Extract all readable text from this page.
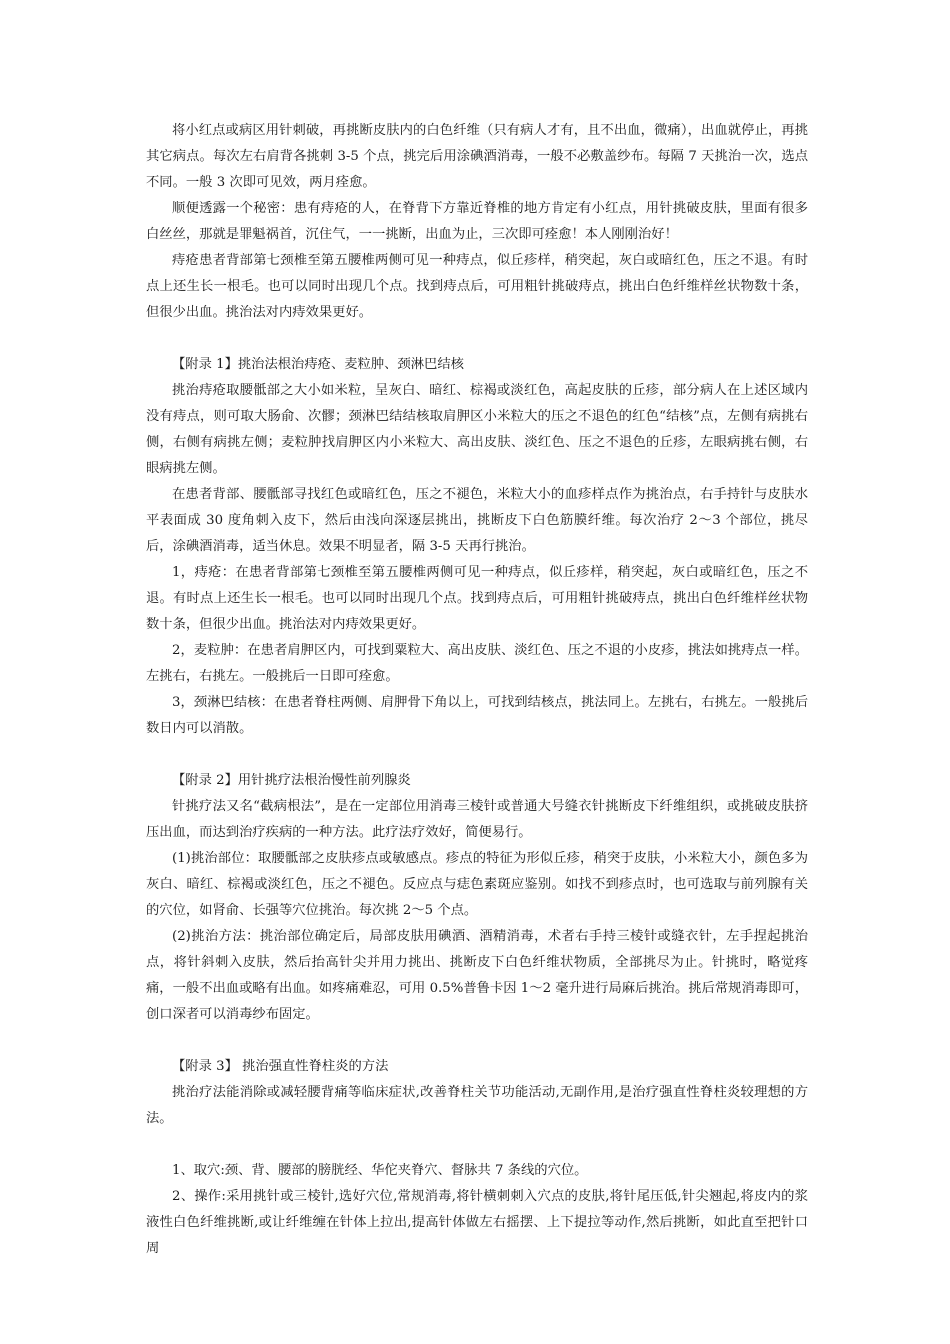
将小红点或病区用针刺破，再挑断皮肤内的白色纤维（只有病人才有，且不出血，微痛），出血就停止，再挑其它病点。每次左右肩背各挑刺 3-5 个点，挑完后用涂碘酒消毒，一般不必敷盖纱布。每隔 7 天挑治一次，选点不同。一般 3 次即可见效，两月痊愈。

顺便透露一个秘密：患有痔疮的人，在脊背下方靠近脊椎的地方肯定有小红点，用针挑破皮肤，里面有很多白丝丝，那就是罪魁祸首，沉住气，一一挑断，出血为止，三次即可痊愈！本人刚刚治好！

痔疮患者背部第七颈椎至第五腰椎两侧可见一种痔点，似丘疹样，稍突起，灰白或暗红色，压之不退。有时点上还生长一根毛。也可以同时出现几个点。找到痔点后，可用粗针挑破痔点，挑出白色纤维样丝状物数十条，但很少出血。挑治法对内痔效果更好。

【附录 1】挑治法根治痔疮、麦粒肿、颈淋巴结核

挑治痔疮取腰骶部之大小如米粒，呈灰白、暗红、棕褐或淡红色，高起皮肤的丘疹，部分病人在上述区域内没有痔点，则可取大肠俞、次髎；颈淋巴结结核取肩胛区小米粒大的压之不退色的红色“结核”点，左侧有病挑右侧，右侧有病挑左侧；麦粒肿找肩胛区内小米粒大、高出皮肤、淡红色、压之不退色的丘疹，左眼病挑右侧，右眼病挑左侧。

在患者背部、腰骶部寻找红色或暗红色，压之不褪色，米粒大小的血疹样点作为挑治点，右手持针与皮肤水平表面成 30 度角刺入皮下，然后由浅向深逐层挑出，挑断皮下白色筋膜纤维。每次治疗 2～3 个部位，挑尽后，涂碘酒消毒，适当休息。效果不明显者，隔 3-5 天再行挑治。

1，痔疮：在患者背部第七颈椎至第五腰椎两侧可见一种痔点，似丘疹样，稍突起，灰白或暗红色，压之不退。有时点上还生长一根毛。也可以同时出现几个点。找到痔点后，可用粗针挑破痔点，挑出白色纤维样丝状物数十条，但很少出血。挑治法对内痔效果更好。

2，麦粒肿：在患者肩胛区内，可找到粟粒大、高出皮肤、淡红色、压之不退的小皮疹，挑法如挑痔点一样。左挑右，右挑左。一般挑后一日即可痊愈。

3，颈淋巴结核：在患者脊柱两侧、肩胛骨下角以上，可找到结核点，挑法同上。左挑右，右挑左。一般挑后数日内可以消散。

【附录 2】用针挑疗法根治慢性前列腺炎

针挑疗法又名“截病根法”，是在一定部位用消毒三棱针或普通大号缝衣针挑断皮下纤维组织，或挑破皮肤挤压出血，而达到治疗疾病的一种方法。此疗法疗效好，简便易行。

(1)挑治部位：取腰骶部之皮肤疹点或敏感点。疹点的特征为形似丘疹，稍突于皮肤，小米粒大小，颜色多为灰白、暗红、棕褐或淡红色，压之不褪色。反应点与痣色素斑应鉴别。如找不到疹点时，也可选取与前列腺有关的穴位，如肾俞、长强等穴位挑治。每次挑 2～5 个点。

(2)挑治方法：挑治部位确定后，局部皮肤用碘酒、酒精消毒，术者右手持三棱针或缝衣针，左手捏起挑治点，将针斜刺入皮肤，然后抬高针尖并用力挑出、挑断皮下白色纤维状物质，全部挑尽为止。针挑时，略觉疼痛，一般不出血或略有出血。如疼痛难忍，可用 0.5%普鲁卡因 1～2 毫升进行局麻后挑治。挑后常规消毒即可，创口深者可以消毒纱布固定。

【附录 3】 挑治强直性脊柱炎的方法

挑治疗法能消除或减轻腰背痛等临床症状,改善脊柱关节功能活动,无副作用,是治疗强直性脊柱炎较理想的方法。

1、取穴:颈、背、腰部的膀胱经、华佗夹脊穴、督脉共 7 条线的穴位。

2、操作:采用挑针或三棱针,选好穴位,常规消毒,将针横刺刺入穴点的皮肤,将针尾压低,针尖翘起,将皮内的浆液性白色纤维挑断,或让纤维缠在针体上拉出,提高针体做左右摇摆、上下提拉等动作,然后挑断，如此直至把针口周
